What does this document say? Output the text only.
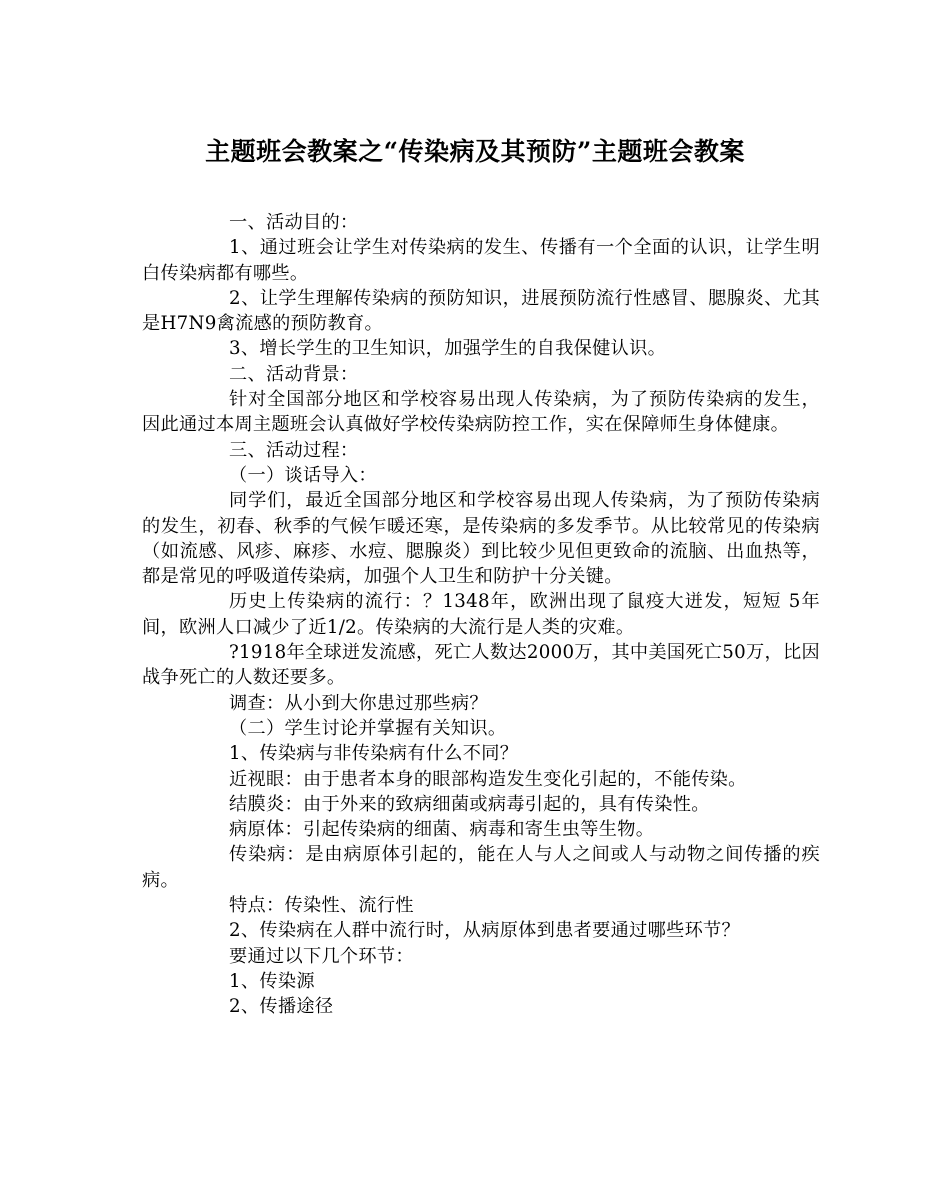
主题班会教案之“传染病及其预防”主题班会教案

一、活动目的：

1、通过班会让学生对传染病的发生、传播有一个全面的认识，让学生明白传染病都有哪些。

2、让学生理解传染病的预防知识，进展预防流行性感冒、腮腺炎、尤其是H7N9禽流感的预防教育。

3、增长学生的卫生知识，加强学生的自我保健认识。

二、活动背景：

针对全国部分地区和学校容易出现人传染病，为了预防传染病的发生，因此通过本周主题班会认真做好学校传染病防控工作，实在保障师生身体健康。

三、活动过程：

（一）谈话导入：

同学们，最近全国部分地区和学校容易出现人传染病，为了预防传染病的发生，初春、秋季的气候乍暖还寒，是传染病的多发季节。从比较常见的传染病（如流感、风疹、麻疹、水痘、腮腺炎）到比较少见但更致命的流脑、出血热等，都是常见的呼吸道传染病，加强个人卫生和防护十分关键。

历史上传染病的流行：？1348年，欧洲出现了鼠疫大迸发，短短 5年间，欧洲人口减少了近1/2。传染病的大流行是人类的灾难。

?1918年全球迸发流感，死亡人数达2000万，其中美国死亡50万，比因战争死亡的人数还要多。

调查：从小到大你患过那些病？

（二）学生讨论并掌握有关知识。

1、传染病与非传染病有什么不同？

近视眼：由于患者本身的眼部构造发生变化引起的，不能传染。

结膜炎：由于外来的致病细菌或病毒引起的，具有传染性。

病原体：引起传染病的细菌、病毒和寄生虫等生物。

传染病：是由病原体引起的，能在人与人之间或人与动物之间传播的疾病。

特点：传染性、流行性

2、传染病在人群中流行时，从病原体到患者要通过哪些环节？

要通过以下几个环节：

1、传染源

2、传播途径
